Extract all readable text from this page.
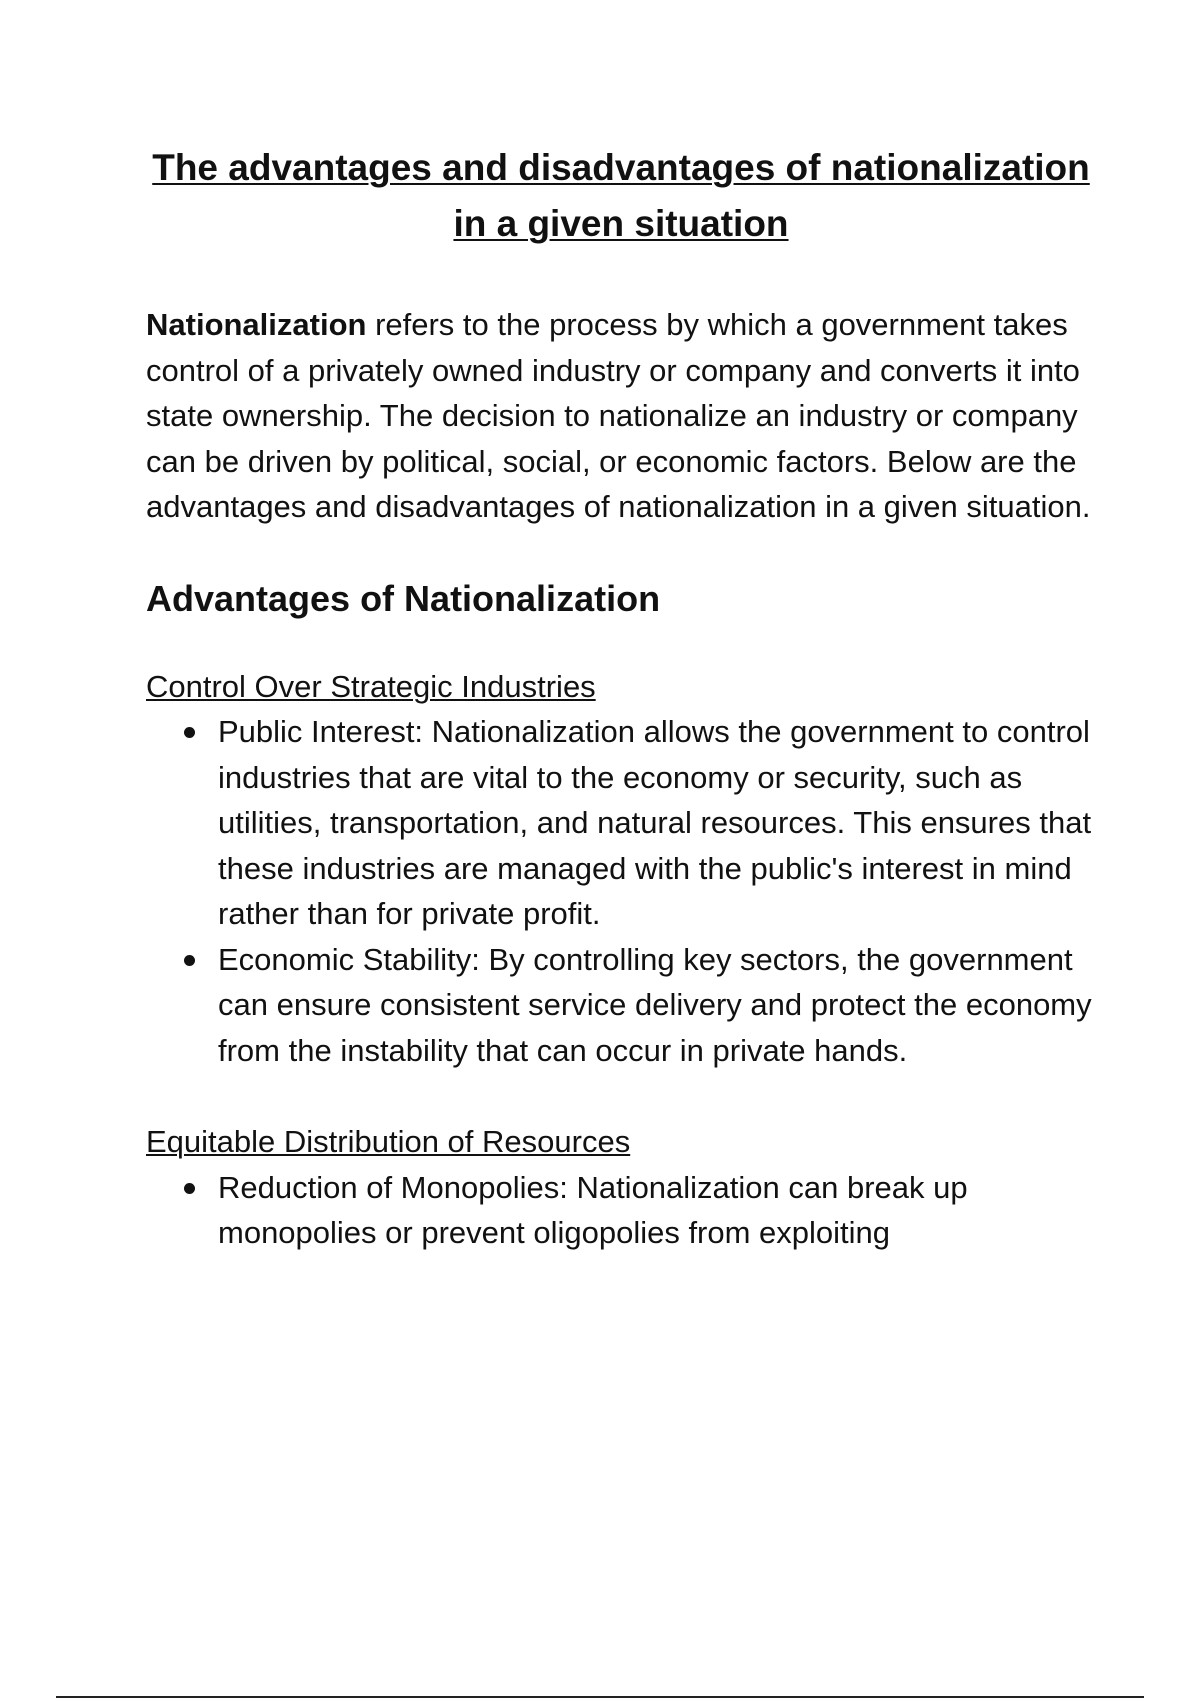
The advantages and disadvantages of nationalization in a given situation

Nationalization refers to the process by which a government takes control of a privately owned industry or company and converts it into state ownership. The decision to nationalize an industry or company can be driven by political, social, or economic factors. Below are the advantages and disadvantages of nationalization in a given situation.

Advantages of Nationalization
Control Over Strategic Industries
Public Interest: Nationalization allows the government to control industries that are vital to the economy or security, such as utilities, transportation, and natural resources. This ensures that these industries are managed with the public's interest in mind rather than for private profit.
Economic Stability: By controlling key sectors, the government can ensure consistent service delivery and protect the economy from the instability that can occur in private hands.
Equitable Distribution of Resources
Reduction of Monopolies: Nationalization can break up monopolies or prevent oligopolies from exploiting
